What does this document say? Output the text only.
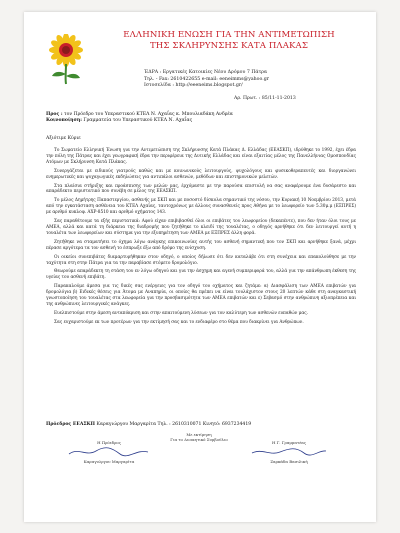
ΕΛΛΗΝΙΚΗ ΕΝΩΣΗ ΓΙΑ ΤΗΝ ΑΝΤΙΜΕΤΩΠΙΣΗ
ΤΗΣ ΣΚΛΗΡΥΝΣΗΣ ΚΑΤΑ ΠΛΑΚΑΣ
ΈΔΡΑ : Εργατικές Κατοικίες Νέου Δρόμου 7 Πάτρα
Τηλ. - Fax: 2610422655 e-mail: eeneimms@yahoo.gr
Ιστοσελίδα : http://eeeneims.blogspot.gr/
Αρ. Πρωτ. : 85/11-11-2013
Προς : τον Πρόεδρο του Υπεραστικού ΚΤΕΛ Ν. Αχαΐας κ. Μπουλιαδάκη Ανδρέα
Κοινοποίηση: Γραμματεία του Υπεραστικού ΚΤΕΛ Ν. Αχαΐας
Αξιότιμε Κύριε

Το Σωματείο Ελληνική Ένωση για την Αντιμετώπιση της Σκλήρυνσης Κατά Πλάκας Δ. Ελλάδας (ΕΕΑΣΚΠ), ιδρύθηκε το 1992, έχει έδρα την πόλη της Πάτρας και έχει γεωγραφική έδρα την περιφέρεια της Δυτικής Ελλάδας και είναι εξαιτίας μέλος της Πανελλήνιας Ομοσπονδίας Ατόμων με Σκλήρυνση Κατά Πλάκας.

Συνεργάζεται με ειδικούς γιατρούς καθώς και με κοινωνικούς λειτουργούς, ψυχολόγους και φυσικοθεραπευτές και διοργανώνει ενημερωτικές και ψυχαγωγικές εκδηλώσεις για αντιπάλοι ασθενών, μεθόδων και επιστημονικών μελετών.

Στα πλαίσια στήριξης και προάσπισης των μελών μας, έρχόμαστε με την παρούσα επιστολή να σας αναφέρουμε ένα δυσάρεστο και απαράδεκτο περιστατικό που συνέβη σε μέλος της ΕΕΑΣΚΠ.

Το μέλος Δημήτρης Παπαστεργίου, ασθενής με ΣΚΠ και με ποσοστό δίσκολα σημαντικό της νόσου, την Κυριακή 10 Νοεμβρίου 2013, μετά από την εγκατάσταση ασθένεια του ΚΤΕΛ Αχαΐας, ταυτοχρόνως με άλλους συνασθενείς προς Αθήνα με το λεωφορείο των 5.30μ.μ (ΕΞΠΡΕΣ) με αριθμό κυκλοφ. ΑΧΡ-8510 και αριθμό οχήματος 143.

Σας παραθέτουμε τα εξής περιστατικά: Αφού είχαν επιβιβασθεί όλοι οι επιβάτες του λεωφορείου (δεκαπέντε), που δεν ήταν όλοι τους με ΑΜΕΑ, αλλά και κατά τη διάρκεια της διαδρομής που ζητήθηκε το κλειδί της τουαλέτας, ο οδηγός αρνήθηκε ότι δεν λειτουργεί αυτή η τουαλέτα των λεωφορείων και σύστημα για την εξυπηρέτηση των ΑΜΕΑ με ΕΞΠΡΕΣ άλλη φορά.

Ζητήθηκε να σταματήσει το όχημα λόγω ανάγκης επικοινωνίας αυτής του ασθενή σημαντική που τον ΣΚΠ και αρνήθηκε ξανά, μέχρι πέρασε αργότερα τα τον ασθενή το έσπρωξε έξω από δρόμο της ενίσχυση.

Οι οικείοι συνεπιβάτες διαμαρτυρήθηκαν στον οδηγό, ο οποίος δήλωσε ότι δεν καταλάβε ότι στη συνέχεια και επακολούθησε με την ταχύτητα στη στην Πάτρα για τα την παραβίασε στόμετο δρομολόγιο.

Θεωρούμε απαράδεκτη τη στάση του εν λόγω οδηγού και για την άσχημη και αγενή συμπεριφορά του, αλλά για την απάνθρωπη έκθεση της υγείας του ασθενή επιβάτη.

Παρακαλούμε άμεσα για τις δικές σας ενέργειες για τον οδηγό του οχήματος και ζητάμε: α) Διασφάλιση των ΑΜΕΑ επιβατών για δρομολόγια β) Ειδικές θέσεις για Άτομα με Αναπηρία, οι οποίες θα πρέπει να είναι τουλάχιστον στους 20 λεπτών κάθε στη αναγκαστική γνωστοποίηση του τουαλέτας στα λεωφορεία για την προσβασιμότητα των ΑΜΕΑ επιβατών και ε) Σεβασμό στην ανθρώπινη αξιοπρέπεια και της ανθρώπινες λειτουργικές ανάγκες.

Ευελπιστούμε στην άμεση ανταπόκριση και στην απαιτούμενη λύσεων για τον καλύτερη των ασθενών ευπαθών μας.

Σας ευχαριστούμε εκ των προτέρων για την εκτίμησή σας και το ενδιαφέρο στο θέμα που διακρίνει για Ανθρώπων.

Πρόεδρος ΕΕΑΣΚΠ Καραγιώργου Μαργαρίτα Τηλ. : 2610310071 Κινητό: 6937234419
Με εκτίμηση
Για το Διοικητικό Συμβούλιο
Η Πρόεδρος
Καραγιώργου Μαργαρίτα
Η Γ. Γραμματέας
Ζαρκάδα Βασιλική
